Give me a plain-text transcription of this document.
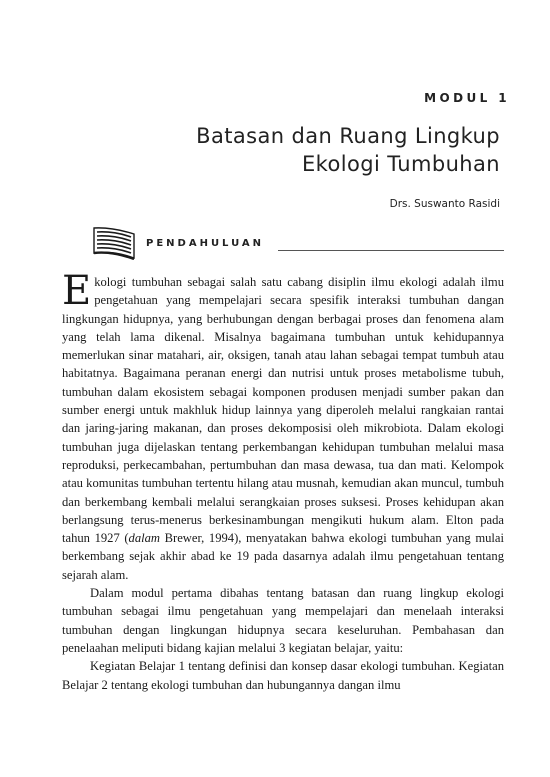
MODUL 1
Batasan dan Ruang Lingkup
Ekologi Tumbuhan
Drs. Suswanto Rasidi
PENDAHULUAN

E kologi tumbuhan sebagai salah satu cabang disiplin ilmu ekologi adalah ilmu pengetahuan yang mempelajari secara spesifik interaksi tumbuhan dangan lingkungan hidupnya, yang berhubungan dengan berbagai proses dan fenomena alam yang telah lama dikenal. Misalnya bagaimana tumbuhan untuk kehidupannya memerlukan sinar matahari, air, oksigen, tanah atau lahan sebagai tempat tumbuh atau habitatnya. Bagaimana peranan energi dan nutrisi untuk proses metabolisme tubuh, tumbuhan dalam ekosistem sebagai komponen produsen menjadi sumber pakan dan sumber energi untuk makhluk hidup lainnya yang diperoleh melalui rangkaian rantai dan jaring-jaring makanan, dan proses dekomposisi oleh mikrobiota. Dalam ekologi tumbuhan juga dijelaskan tentang perkembangan kehidupan tumbuhan melalui masa reproduksi, perkecambahan, pertumbuhan dan masa dewasa, tua dan mati. Kelompok atau komunitas tumbuhan tertentu hilang atau musnah, kemudian akan muncul, tumbuh dan berkembang kembali melalui serangkaian proses suksesi. Proses kehidupan akan berlangsung terus-menerus berkesinambungan mengikuti hukum alam. Elton pada tahun 1927 (dalam Brewer, 1994), menyatakan bahwa ekologi tumbuhan yang mulai berkembang sejak akhir abad ke 19 pada dasarnya adalah ilmu pengetahuan tentang sejarah alam.

Dalam modul pertama dibahas tentang batasan dan ruang lingkup ekologi tumbuhan sebagai ilmu pengetahuan yang mempelajari dan menelaah interaksi tumbuhan dengan lingkungan hidupnya secara keseluruhan. Pembahasan dan penelaahan meliputi bidang kajian melalui 3 kegiatan belajar, yaitu:

Kegiatan Belajar 1 tentang definisi dan konsep dasar ekologi tumbuhan. Kegiatan Belajar 2 tentang ekologi tumbuhan dan hubungannya dangan ilmu
